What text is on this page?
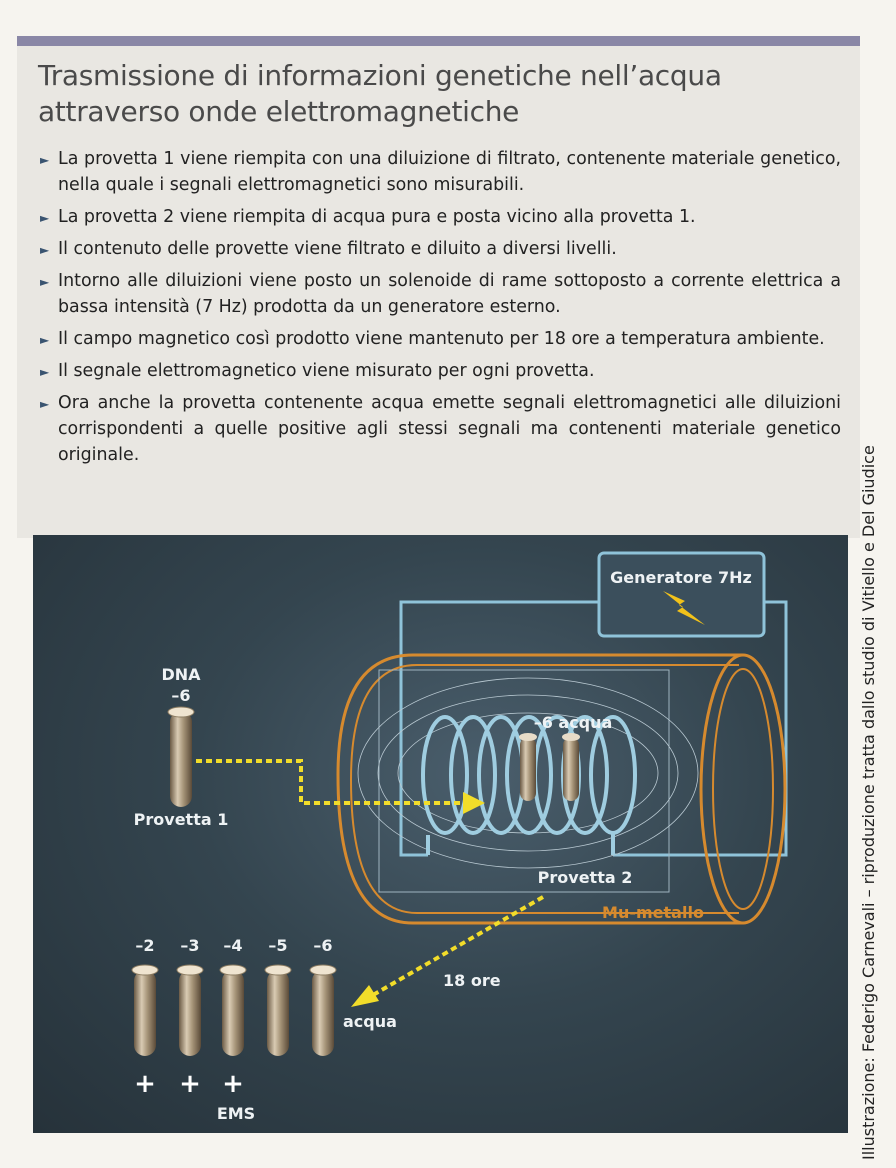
Trasmissione di informazioni genetiche nell’acqua
attraverso onde elettromagnetiche
► La provetta 1 viene riempita con una diluizione di filtrato, contenente materiale genetico, nella quale i segnali elettromagnetici sono misurabili.
► La provetta 2 viene riempita di acqua pura e posta vicino alla provetta 1.
► Il contenuto delle provette viene filtrato e diluito a diversi livelli.
► Intorno alle diluizioni viene posto un solenoide di rame sottoposto a corrente elettrica a bassa intensità (7 Hz) prodotta da un generatore esterno.
► Il campo magnetico così prodotto viene mantenuto per 18 ore a temperatura ambiente.
► Il segnale elettromagnetico viene misurato per ogni provetta.
► Ora anche la provetta contenente acqua emette segnali elettromagnetici alle diluizioni corrispondenti a quelle positive agli stessi segnali ma contenenti materiale genetico originale.
Generatore 7Hz
–6 acqua
Provetta 2
Mu-metallo
DNA
–6
Provetta 1
18 ore
acqua
–2 –3 –4 –5 –6
+ + +
EMS	Illustrazione: Federigo Carnevali – riproduzione tratta dallo studio di Vitiello e Del Giudice
